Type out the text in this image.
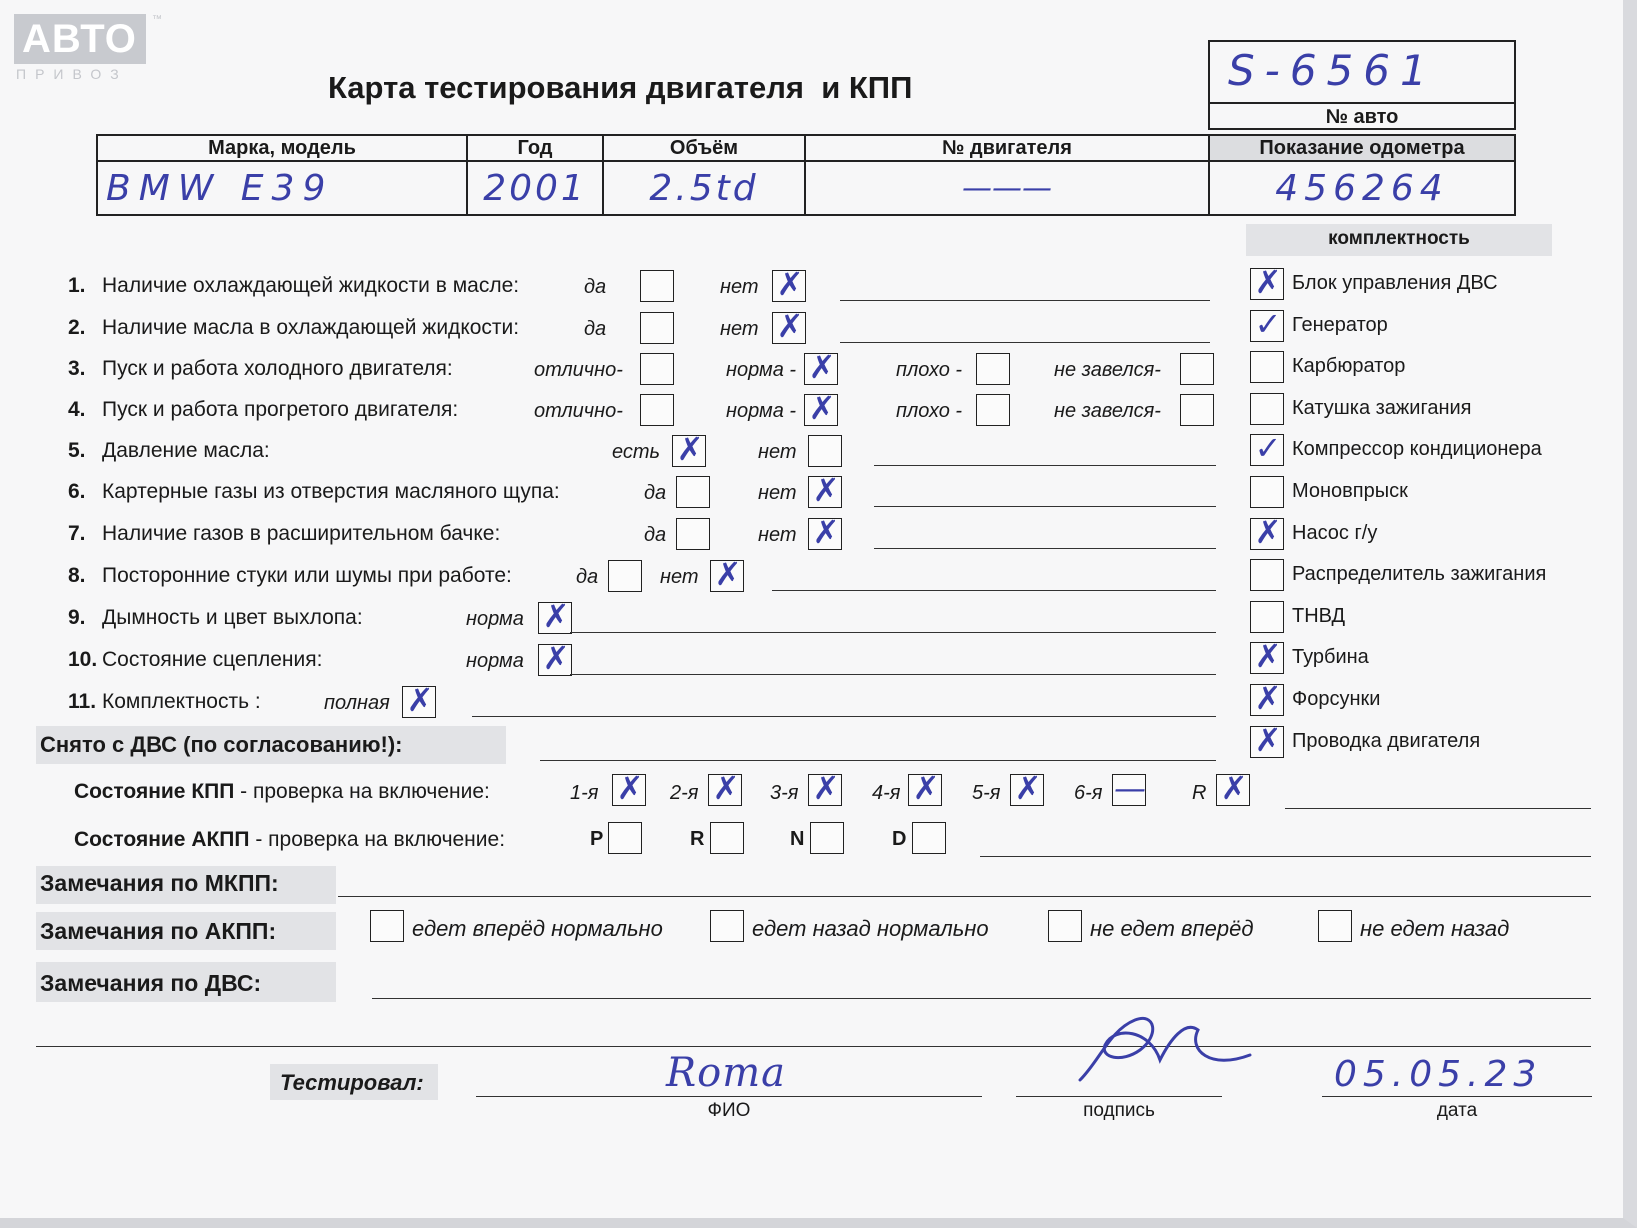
АВТО
ПРИВОЗ
™
Карта тестирования двигателя  и КПП	S-6561
№ авто
Марка, модель	Год	Объём	№ двигателя	Показание одометра
BMW E39	2001	2.5td	———	456264
комплектность
✗ Блок управления ДВС
✓ Генератор
Карбюратор
Катушка зажигания
✓ Компрессор кондиционера
Моновпрыск
✗ Насос г/у
Распределитель зажигания
ТНВД
✗ Турбина
✗ Форсунки
✗ Проводка двигателя
1. Наличие охлаждающей жидкости в масле:	да	нет ✗
2. Наличие масла в охлаждающей жидкости:	да	нет ✗
3. Пуск и работа холодного двигателя:	отлично-	норма - ✗	плохо -	не завелся-
4. Пуск и работа прогретого двигателя:	отлично-	норма - ✗	плохо -	не завелся-
5. Давление масла:	есть ✗	нет
6. Картерные газы из отверстия масляного щупа:	да	нет ✗
7. Наличие газов в расширительном бачке:	да	нет ✗
8. Посторонние стуки или шумы при работе:	да	нет ✗
9. Дымность и цвет выхлопа:	норма ✗
10. Состояние сцепления:	норма ✗
11. Комплектность :	полная ✗
Снято с ДВС (по согласованию!):
Состояние КПП - проверка на включение:	1-я ✗ 2-я ✗ 3-я ✗ 4-я ✗ 5-я ✗ 6-я — R ✗
Состояние АКПП - проверка на включение:	P	R	N	D
Замечания по МКПП:
Замечания по АКПП:	едет вперёд нормально	едет назад нормально	не едет вперёд	не едет назад
Замечания по ДВС:
Тестировал:	Roma
ФИО	подпись
05.05.23
дата
